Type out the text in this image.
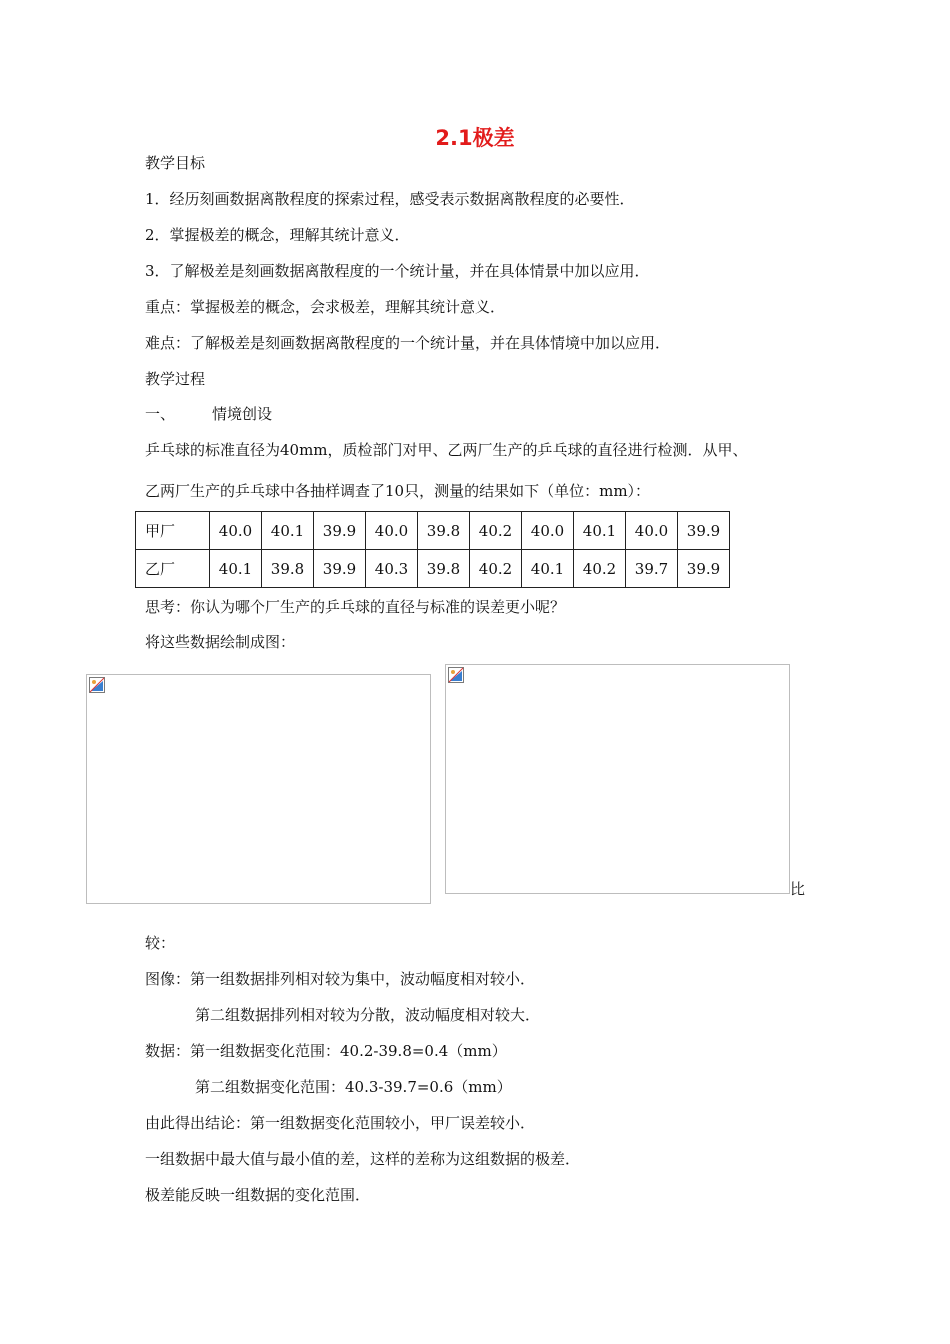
2.1极差
教学目标
1．经历刻画数据离散程度的探索过程，感受表示数据离散程度的必要性．
2．掌握极差的概念，理解其统计意义．
3．了解极差是刻画数据离散程度的一个统计量，并在具体情景中加以应用．
重点：掌握极差的概念，会求极差，理解其统计意义．
难点：了解极差是刻画数据离散程度的一个统计量，并在具体情境中加以应用．
教学过程
一、 情境创设
乒乓球的标准直径为40mm，质检部门对甲、乙两厂生产的乒乓球的直径进行检测．从甲、
乙两厂生产的乒乓球中各抽样调查了10只，测量的结果如下（单位：mm）：
甲厂	40.0	40.1	39.9	40.0	39.8	40.2	40.0	40.1	40.0	39.9
乙厂	40.1	39.8	39.9	40.3	39.8	40.2	40.1	40.2	39.7	39.9
思考：你认为哪个厂生产的乒乓球的直径与标准的误差更小呢？
将这些数据绘制成图：
比
较：
图像：第一组数据排列相对较为集中，波动幅度相对较小．
第二组数据排列相对较为分散，波动幅度相对较大．
数据：第一组数据变化范围：40.2-39.8=0.4（mm）
第二组数据变化范围：40.3-39.7=0.6（mm）
由此得出结论：第一组数据变化范围较小，甲厂误差较小．
一组数据中最大值与最小值的差，这样的差称为这组数据的极差．
极差能反映一组数据的变化范围．
